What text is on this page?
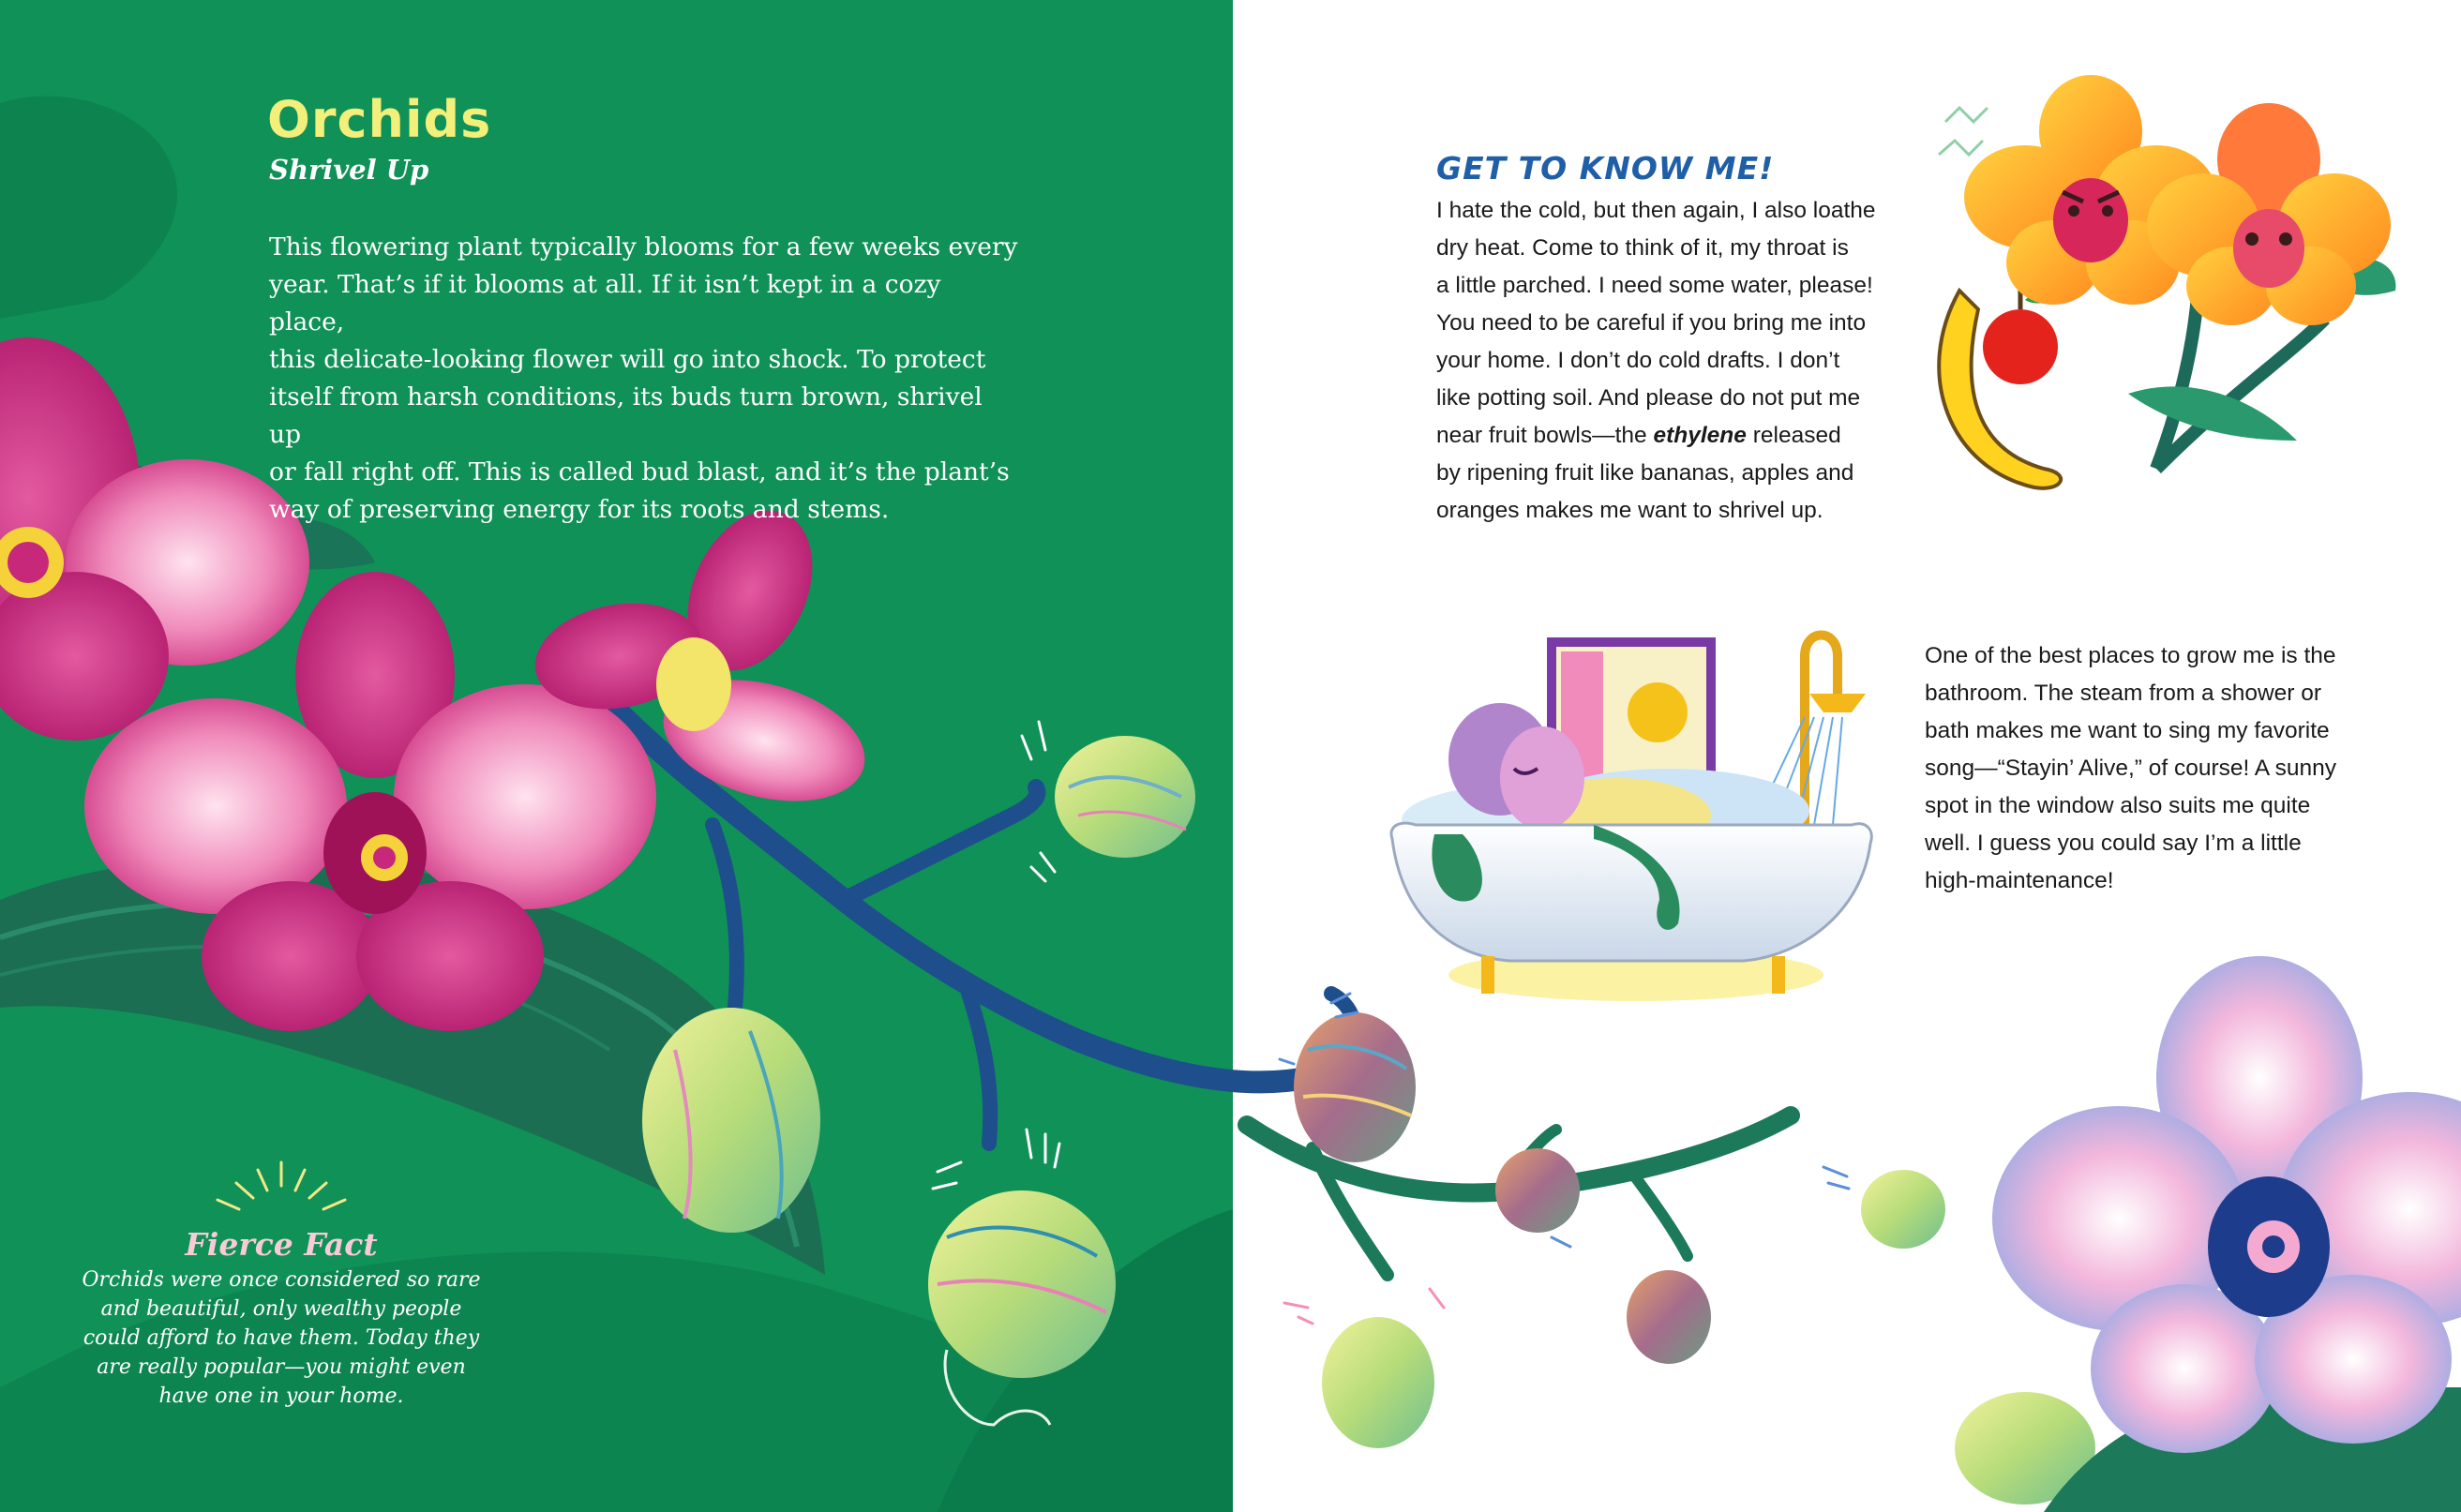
Orchids
Shrivel Up

This flowering plant typically blooms for a few weeks every
year. That’s if it blooms at all. If it isn’t kept in a cozy place,
this delicate-looking flower will go into shock. To protect
itself from harsh conditions, its buds turn brown, shrivel up
or fall right off. This is called bud blast, and it’s the plant’s
way of preserving energy for its roots and stems.

Fierce Fact

Orchids were once considered so rare
and beautiful, only wealthy people
could afford to have them. Today they
are really popular—you might even
have one in your home.

GET TO KNOW ME!

I hate the cold, but then again, I also loathe
dry heat. Come to think of it, my throat is
a little parched. I need some water, please!
You need to be careful if you bring me into
your home. I don’t do cold drafts. I don’t
like potting soil. And please do not put me
near fruit bowls—the ethylene released
by ripening fruit like bananas, apples and
oranges makes me want to shrivel up.

One of the best places to grow me is the
bathroom. The steam from a shower or
bath makes me want to sing my favorite
song—“Stayin’ Alive,” of course! A sunny
spot in the window also suits me quite
well. I guess you could say I’m a little
high-maintenance!
